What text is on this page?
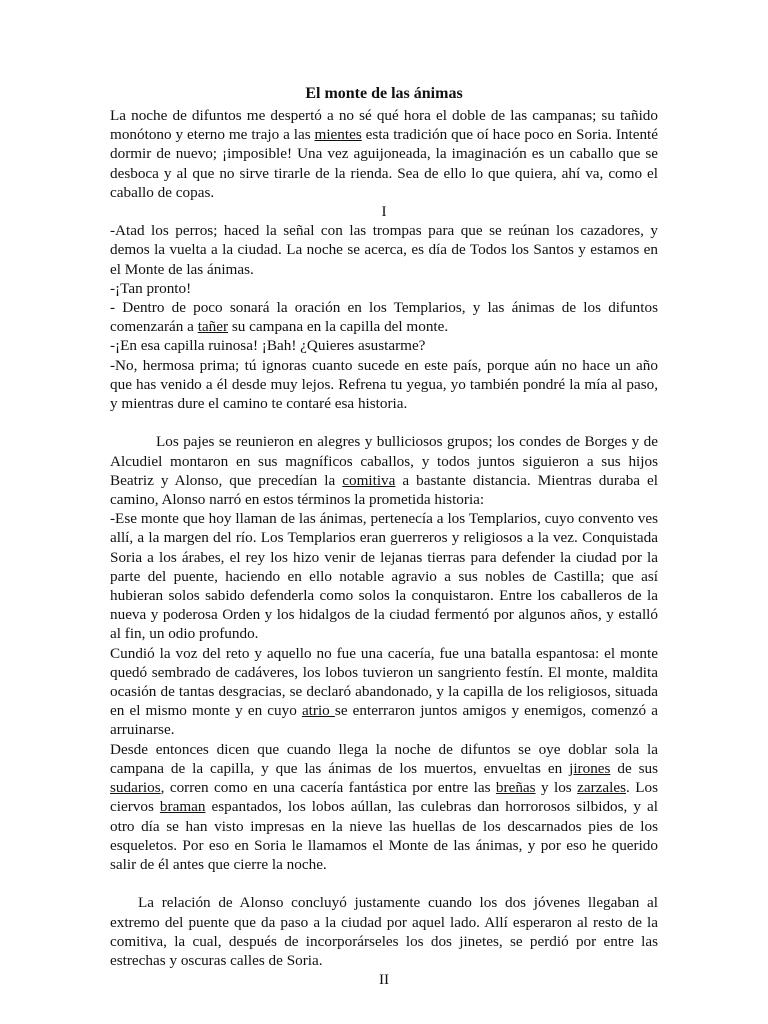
El monte de las ánimas

La noche de difuntos me despertó a no sé qué hora el doble de las campanas; su tañido monótono y eterno me trajo a las mientes esta tradición que oí hace poco en Soria. Intenté dormir de nuevo; ¡imposible! Una vez aguijoneada, la imaginación es un caballo que se desboca y al que no sirve tirarle de la rienda. Sea de ello lo que quiera, ahí va, como el caballo de copas.

I

-Atad los perros; haced la señal con las trompas para que se reúnan los cazadores, y demos la vuelta a la ciudad. La noche se acerca, es día de Todos los Santos y estamos en el Monte de las ánimas.

-¡Tan pronto!

- Dentro de poco sonará la oración en los Templarios, y las ánimas de los difuntos comenzarán a tañer su campana en la capilla del monte.

-¡En esa capilla ruinosa! ¡Bah! ¿Quieres asustarme?

-No, hermosa prima; tú ignoras cuanto sucede en este país, porque aún no hace un año que has venido a él desde muy lejos. Refrena tu yegua, yo también pondré la mía al paso, y mientras dure el camino te contaré esa historia.

Los pajes se reunieron en alegres y bulliciosos grupos; los condes de Borges y de Alcudiel montaron en sus magníficos caballos, y todos juntos siguieron a sus hijos Beatriz y Alonso, que precedían la comitiva a bastante distancia. Mientras duraba el camino, Alonso narró en estos términos la prometida historia:

-Ese monte que hoy llaman de las ánimas, pertenecía a los Templarios, cuyo convento ves allí, a la margen del río. Los Templarios eran guerreros y religiosos a la vez. Conquistada Soria a los árabes, el rey los hizo venir de lejanas tierras para defender la ciudad por la parte del puente, haciendo en ello notable agravio a sus nobles de Castilla; que así hubieran solos sabido defenderla como solos la conquistaron. Entre los caballeros de la nueva y poderosa Orden y los hidalgos de la ciudad fermentó por algunos años, y estalló al fin, un odio profundo.

Cundió la voz del reto y aquello no fue una cacería, fue una batalla espantosa: el monte quedó sembrado de cadáveres, los lobos tuvieron un sangriento festín. El monte, maldita ocasión de tantas desgracias, se declaró abandonado, y la capilla de los religiosos, situada en el mismo monte y en cuyo atrio se enterraron juntos amigos y enemigos, comenzó a arruinarse.

Desde entonces dicen que cuando llega la noche de difuntos se oye doblar sola la campana de la capilla, y que las ánimas de los muertos, envueltas en jirones de sus sudarios, corren como en una cacería fantástica por entre las breñas y los zarzales. Los ciervos braman espantados, los lobos aúllan, las culebras dan horrorosos silbidos, y al otro día se han visto impresas en la nieve las huellas de los descarnados pies de los esqueletos. Por eso en Soria le llamamos el Monte de las ánimas, y por eso he querido salir de él antes que cierre la noche.

La relación de Alonso concluyó justamente cuando los dos jóvenes llegaban al extremo del puente que da paso a la ciudad por aquel lado. Allí esperaron al resto de la comitiva, la cual, después de incorporárseles los dos jinetes, se perdió por entre las estrechas y oscuras calles de Soria.

II
